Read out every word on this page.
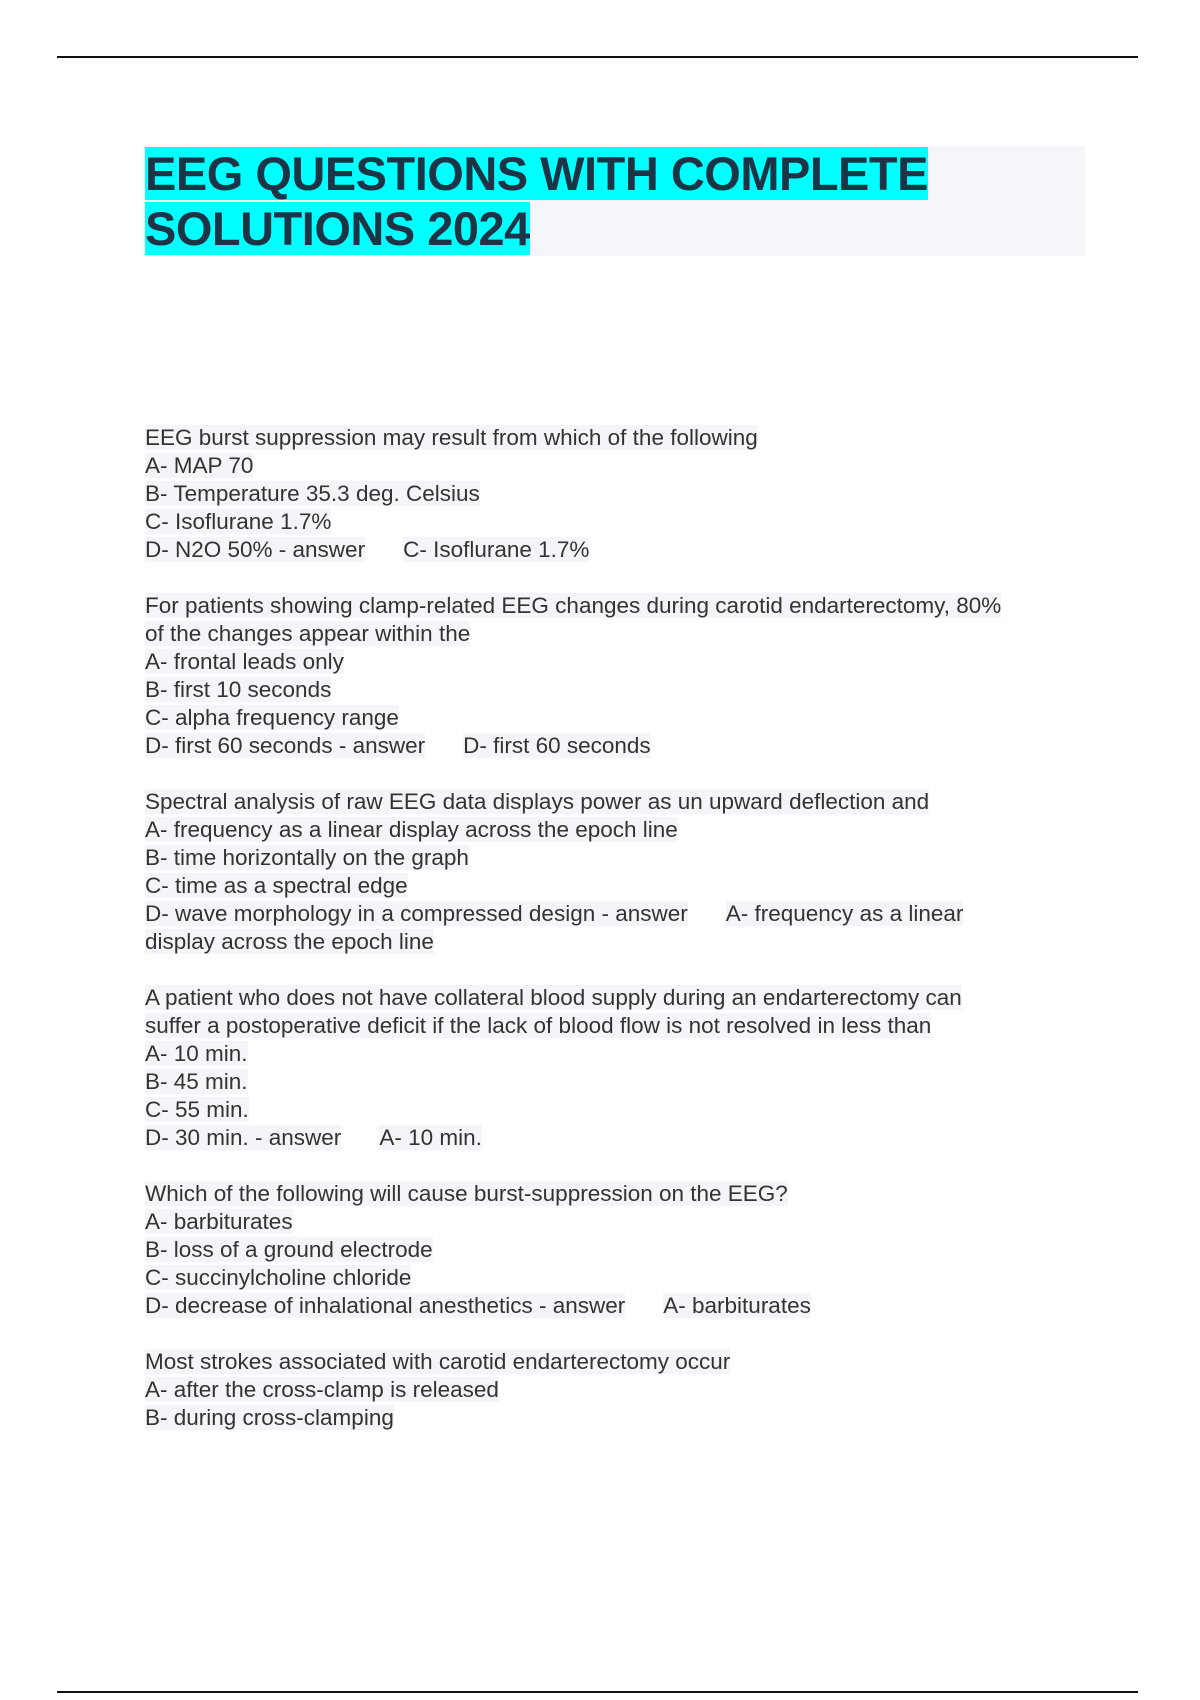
EEG QUESTIONS WITH COMPLETE SOLUTIONS 2024
EEG burst suppression may result from which of the following
A- MAP 70
B- Temperature 35.3 deg. Celsius
C- Isoflurane 1.7%
D- N2O 50% - answer C- Isoflurane 1.7%
For patients showing clamp-related EEG changes during carotid endarterectomy, 80%
of the changes appear within the
A- frontal leads only
B- first 10 seconds
C- alpha frequency range
D- first 60 seconds - answer D- first 60 seconds
Spectral analysis of raw EEG data displays power as un upward deflection and
A- frequency as a linear display across the epoch line
B- time horizontally on the graph
C- time as a spectral edge
D- wave morphology in a compressed design - answer A- frequency as a linear
display across the epoch line
A patient who does not have collateral blood supply during an endarterectomy can
suffer a postoperative deficit if the lack of blood flow is not resolved in less than
A- 10 min.
B- 45 min.
C- 55 min.
D- 30 min. - answer A- 10 min.
Which of the following will cause burst-suppression on the EEG?
A- barbiturates
B- loss of a ground electrode
C- succinylcholine chloride
D- decrease of inhalational anesthetics - answer A- barbiturates
Most strokes associated with carotid endarterectomy occur
A- after the cross-clamp is released
B- during cross-clamping
